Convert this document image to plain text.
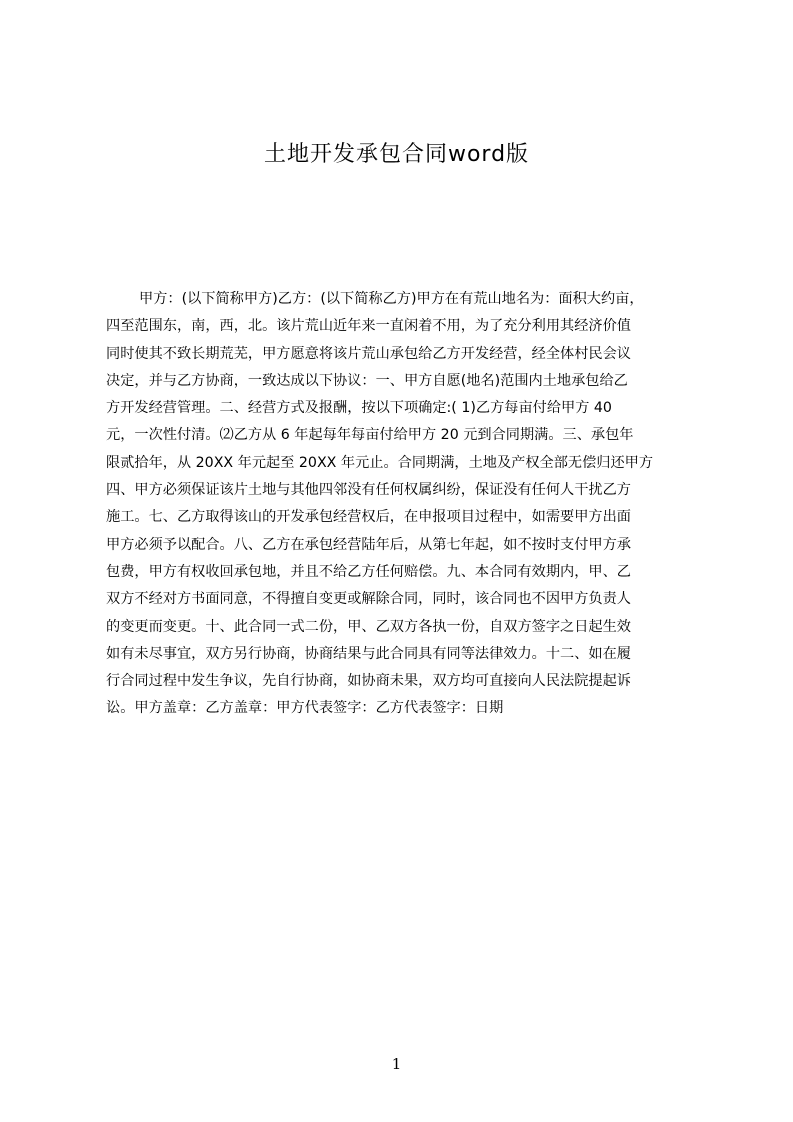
土地开发承包合同word版
甲方：(以下简称甲方)乙方：(以下简称乙方)甲方在有荒山地名为：面积大约亩，
四至范围东，南，西，北。该片荒山近年来一直闲着不用，为了充分利用其经济价值
同时使其不致长期荒芜，甲方愿意将该片荒山承包给乙方开发经营，经全体村民会议
决定，并与乙方协商，一致达成以下协议：一、甲方自愿(地名)范围内土地承包给乙
方开发经营管理。二、经营方式及报酬，按以下项确定:( 1)乙方每亩付给甲方 40
元，一次性付清。⑵乙方从 6 年起每年每亩付给甲方 20 元到合同期满。三、承包年
限贰拾年，从 20XX 年元起至 20XX 年元止。合同期满，土地及产权全部无偿归还甲方
四、甲方必须保证该片土地与其他四邻没有任何权属纠纷，保证没有任何人干扰乙方
施工。七、乙方取得该山的开发承包经营权后，在申报项目过程中，如需要甲方出面
甲方必须予以配合。八、乙方在承包经营陆年后，从第七年起，如不按时支付甲方承
包费，甲方有权收回承包地，并且不给乙方任何赔偿。九、本合同有效期内，甲、乙
双方不经对方书面同意，不得擅自变更或解除合同，同时，该合同也不因甲方负责人
的变更而变更。十、此合同一式二份，甲、乙双方各执一份，自双方签字之日起生效
如有未尽事宜，双方另行协商，协商结果与此合同具有同等法律效力。十二、如在履
行合同过程中发生争议，先自行协商，如协商未果，双方均可直接向人民法院提起诉
讼。甲方盖章：乙方盖章：甲方代表签字：乙方代表签字：日期
1
